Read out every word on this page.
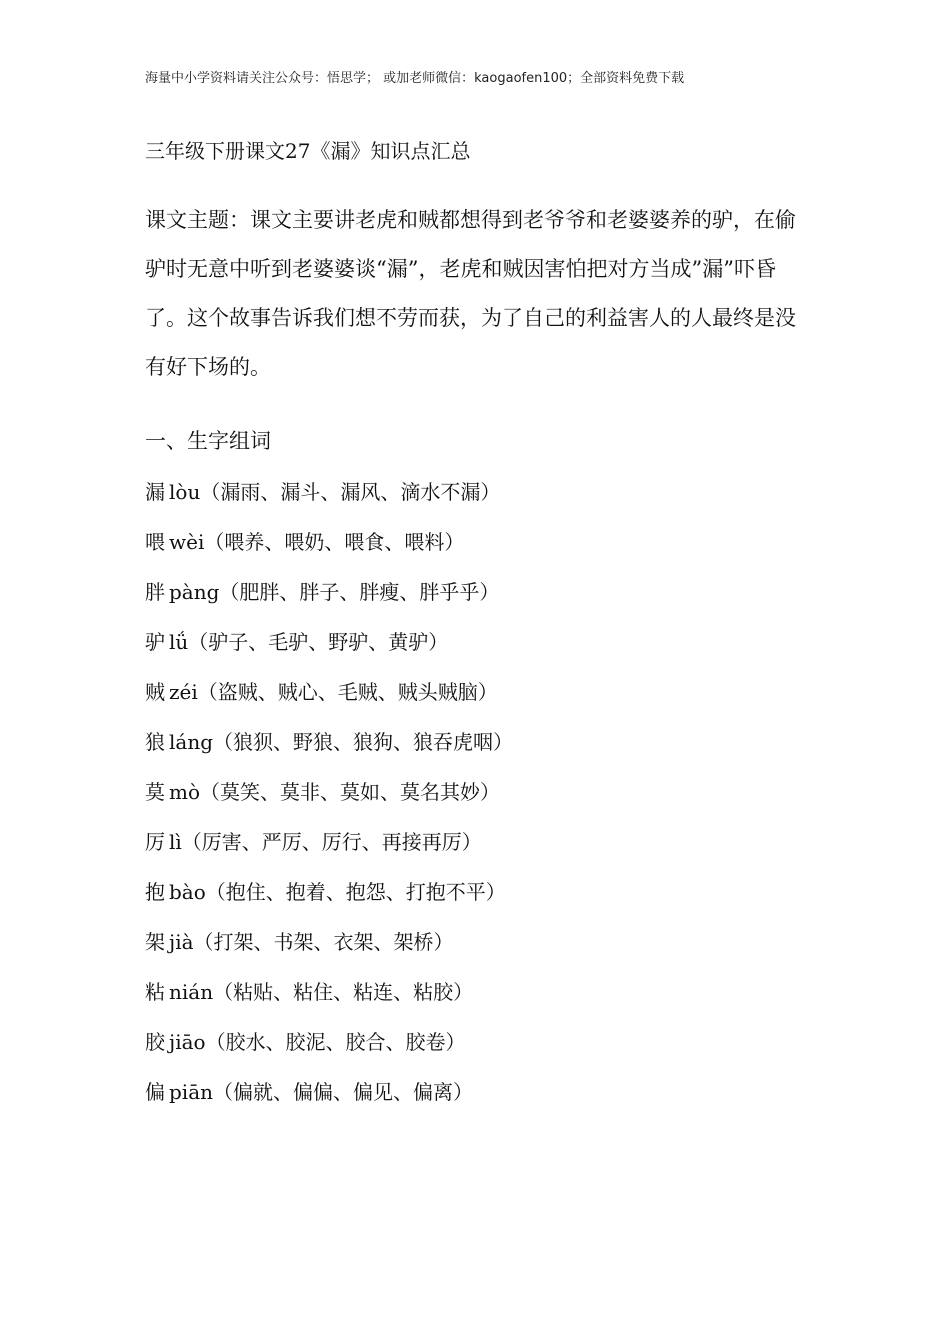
海量中小学资料请关注公众号：悟思学； 或加老师微信：kaogaofen100；全部资料免费下载
三年级下册课文27《漏》知识点汇总

课文主题：课文主要讲老虎和贼都想得到老爷爷和老婆婆养的驴，在偷驴时无意中听到老婆婆谈“漏”，老虎和贼因害怕把对方当成”漏”吓昏了。这个故事告诉我们想不劳而获，为了自己的利益害人的人最终是没有好下场的。

一、生字组词
漏 lòu（漏雨、漏斗、漏风、滴水不漏）
喂 wèi（喂养、喂奶、喂食、喂料）
胖 pàng（肥胖、胖子、胖瘦、胖乎乎）
驴 lǘ（驴子、毛驴、野驴、黄驴）
贼 zéi（盗贼、贼心、毛贼、贼头贼脑）
狼 láng（狼狈、野狼、狼狗、狼吞虎咽）
莫 mò（莫笑、莫非、莫如、莫名其妙）
厉 lì（厉害、严厉、厉行、再接再厉）
抱 bào（抱住、抱着、抱怨、打抱不平）
架 jià（打架、书架、衣架、架桥）
粘 nián（粘贴、粘住、粘连、粘胶）
胶 jiāo（胶水、胶泥、胶合、胶卷）
偏 piān（偏就、偏偏、偏见、偏离）
